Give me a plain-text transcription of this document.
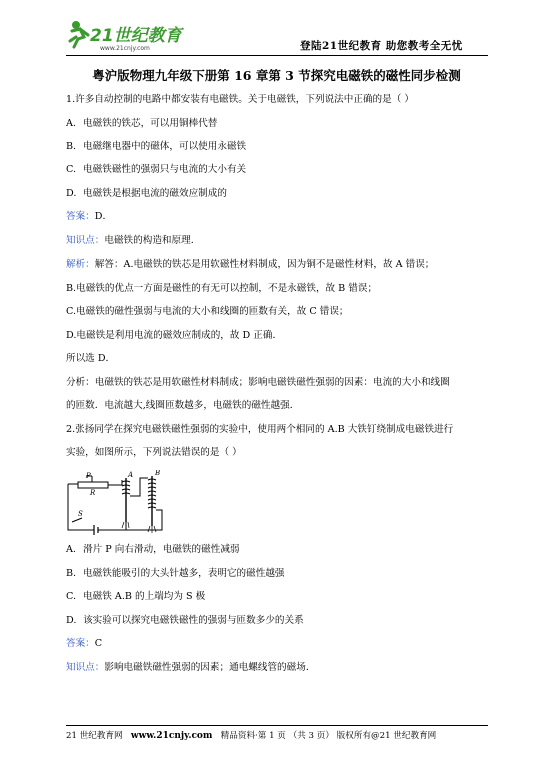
21世纪教育
www.21cnjy.com	登陆21世纪教育 助您教考全无忧
粤沪版物理九年级下册第 16 章第 3 节探究电磁铁的磁性同步检测
1.许多自动控制的电路中都安装有电磁铁。关于电磁铁，下列说法中正确的是（ ）
A. 电磁铁的铁芯，可以用铜棒代替
B. 电磁继电器中的磁体，可以使用永磁铁
C. 电磁铁磁性的强弱只与电流的大小有关
D. 电磁铁是根据电流的磁效应制成的
答案：D．
知识点：电磁铁的构造和原理．
解析：解答：A.电磁铁的铁芯是用软磁性材料制成，因为铜不是磁性材料，故 A 错误；
B.电磁铁的优点一方面是磁性的有无可以控制，不是永磁铁，故 B 错误；
C.电磁铁的磁性强弱与电流的大小和线圈的匝数有关，故 C 错误；
D.电磁铁是利用电流的磁效应制成的，故 D 正确．
所以选 D．
分析：电磁铁的铁芯是用软磁性材料制成；影响电磁铁磁性强弱的因素：电流的大小和线圈
的匝数．电流越大,线圈匝数越多，电磁铁的磁性越强．
2.张扬同学在探究电磁铁磁性强弱的实验中，使用两个相同的 A.B 大铁钉绕制成电磁铁进行
实验，如图所示，下列说法错误的是（ ）
P
R
S
A	B
A. 滑片 P 向右滑动，电磁铁的磁性减弱
B. 电磁铁能吸引的大头针越多，表明它的磁性越强
C. 电磁铁 A.B 的上端均为 S 极
D. 该实验可以探究电磁铁磁性的强弱与匝数多少的关系
答案：C
知识点：影响电磁铁磁性强弱的因素；通电螺线管的磁场．
21 世纪教育网 www.21cnjy.com 精品资料·第 1 页 （共 3 页） 版权所有@21 世纪教育网
